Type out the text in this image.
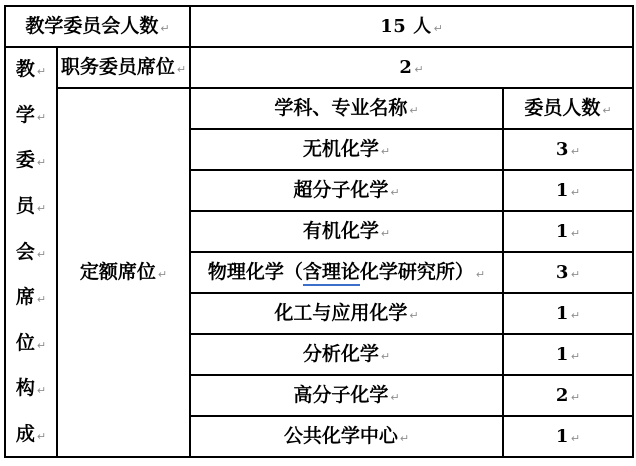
教学委员会人数 ↵		15 人 ↵	

教 ↵
学 ↵
委 ↵
员 ↵
会 ↵
席 ↵
位 ↵
构 ↵
成 ↵
	职务委员席位 ↵	2 ↵
	定额席位 ↵	学科、专业名称 ↵	委员人数 ↵
		无机化学 ↵	3 ↵
		超分子化学 ↵	1 ↵
		有机化学 ↵	1 ↵
		物理化学（含理论化学研究所） ↵	3 ↵
		化工与应用化学 ↵	1 ↵
		分析化学 ↵	1 ↵
		高分子化学 ↵	2 ↵
		公共化学中心 ↵	1 ↵
